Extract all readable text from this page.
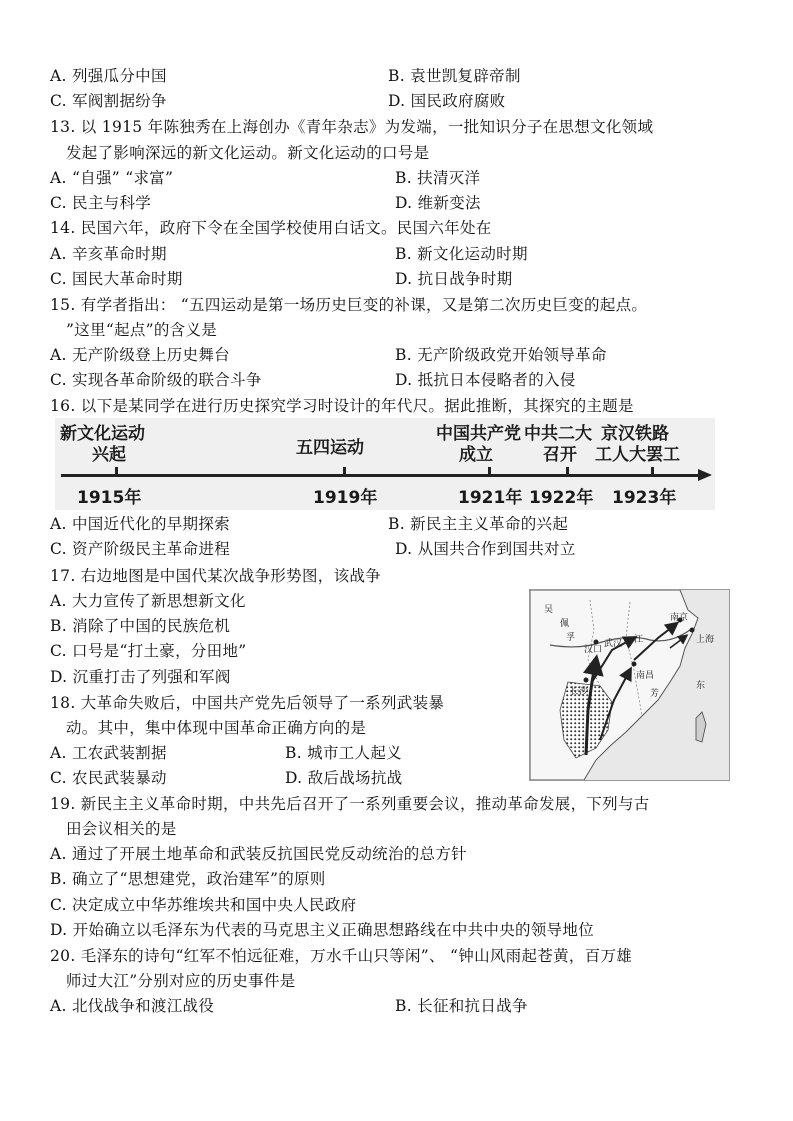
A. 列强瓜分中国	B. 袁世凯复辟帝制
C. 军阀割据纷争	D. 国民政府腐败
13. 以 1915 年陈独秀在上海创办《青年杂志》为发端，一批知识分子在思想文化领域
发起了影响深远的新文化运动。新文化运动的口号是
A. “自强” “求富”	B. 扶清灭洋
C. 民主与科学	D. 维新变法
14. 民国六年，政府下令在全国学校使用白话文。民国六年处在
A. 辛亥革命时期	B. 新文化运动时期
C. 国民大革命时期	D. 抗日战争时期
15. 有学者指出： “五四运动是第一场历史巨变的补课，又是第二次历史巨变的起点。
”这里“起点”的含义是
A. 无产阶级登上历史舞台	B. 无产阶级政党开始领导革命
C. 实现各革命阶级的联合斗争	D. 抵抗日本侵略者的入侵
16. 以下是某同学在进行历史探究学习时设计的年代尺。据此推断，其探究的主题是
新文化运动
兴起	五四运动
中国共产党
成立
中共二大
召开
京汉铁路
工人大罢工
1915年	1919年	1921年 1922年 1923年
A. 中国近代化的早期探索	B. 新民主主义革命的兴起
C. 资产阶级民主革命进程	D. 从国共合作到国共对立
17. 右边地图是中国代某次战争形势图，该战争
A. 大力宣传了新思想新文化
B. 消除了中国的民族危机
C. 口号是“打土豪，分田地”
D. 沉重打击了列强和军阀
吴
佩
孚
武汉
汉口
长沙
南昌
上海
南京
东
芳
江
18. 大革命失败后，中国共产党先后领导了一系列武装暴
动。其中，集中体现中国革命正确方向的是
A. 工农武装割据	B. 城市工人起义
C. 农民武装暴动	D. 敌后战场抗战
19. 新民主主义革命时期，中共先后召开了一系列重要会议，推动革命发展，下列与古
田会议相关的是
A. 通过了开展土地革命和武装反抗国民党反动统治的总方针
B. 确立了“思想建党，政治建军”的原则
C. 决定成立中华苏维埃共和国中央人民政府
D. 开始确立以毛泽东为代表的马克思主义正确思想路线在中共中央的领导地位
20. 毛泽东的诗句“红军不怕远征难，万水千山只等闲”、 “钟山风雨起苍黄，百万雄
师过大江”分别对应的历史事件是
A. 北伐战争和渡江战役	B. 长征和抗日战争
